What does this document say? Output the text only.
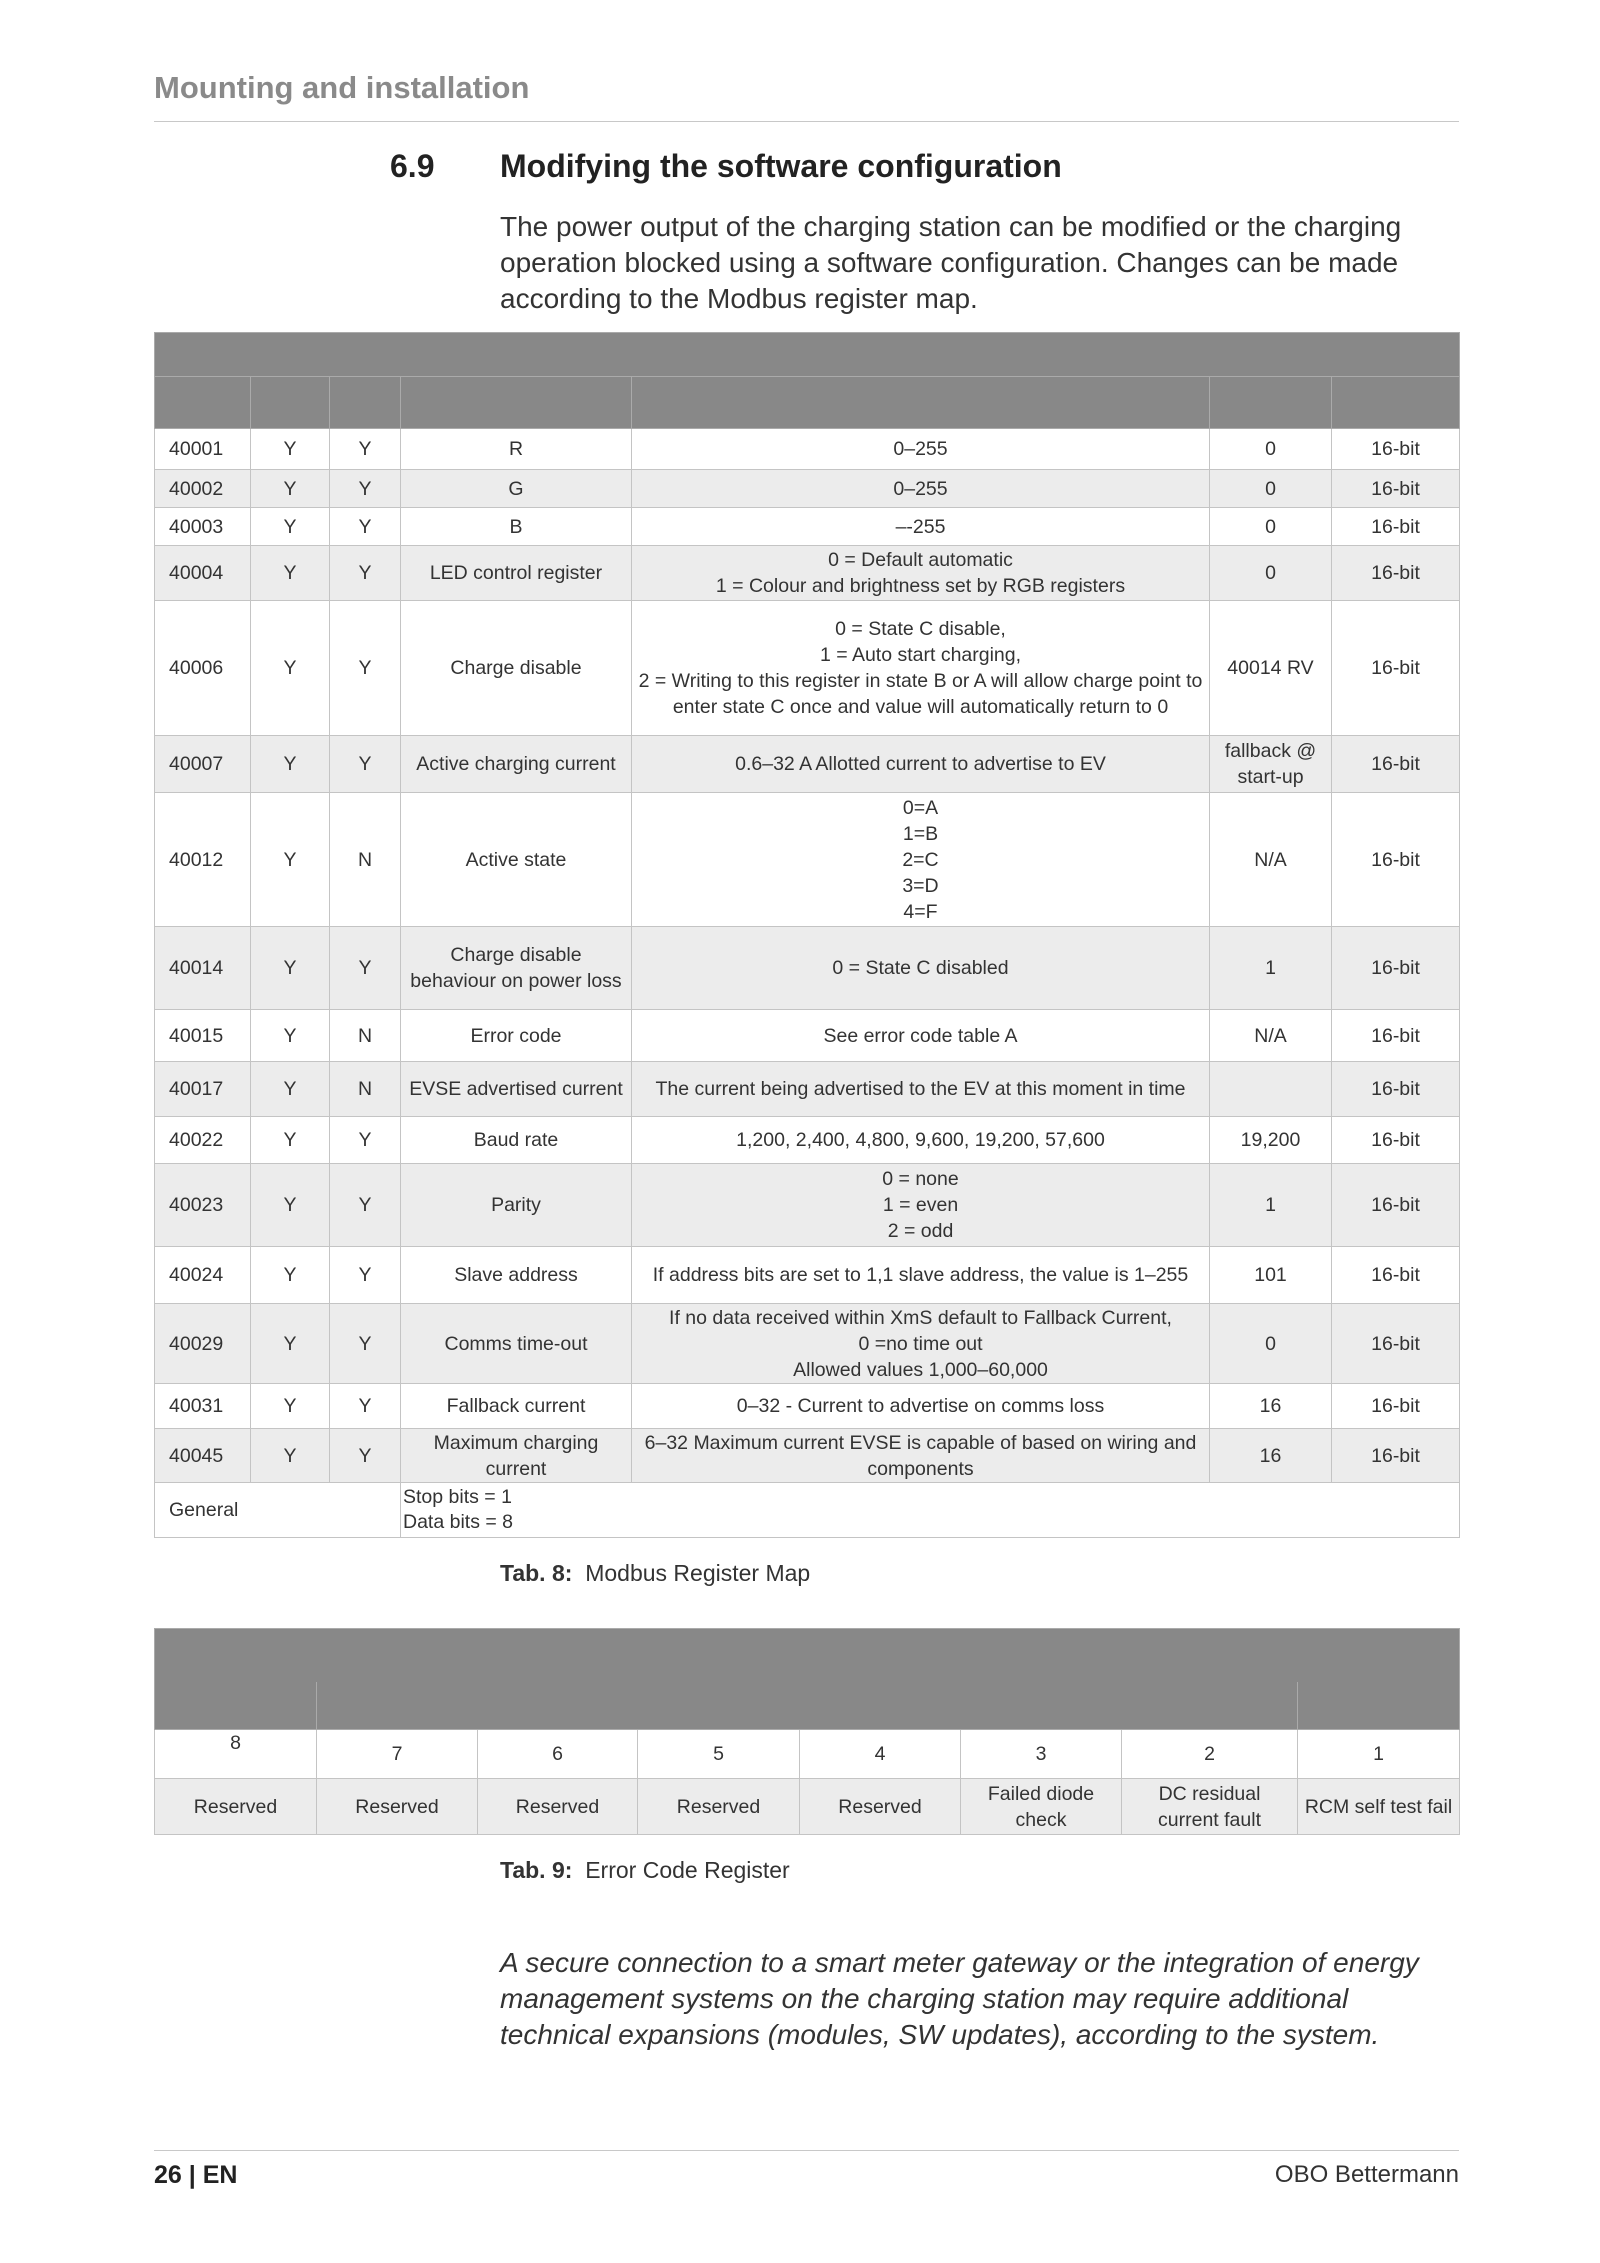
Mounting and installation
6.9 Modifying the software configuration
The power output of the charging station can be modified or the charging operation blocked using a software configuration. Changes can be made according to the Modbus register map.

40001	Y	Y	R	0–255	0	16-bit
40002	Y	Y	G	0–255	0	16-bit
40003	Y	Y	B	–-255	0	16-bit
40004	Y	Y	LED control register	0 = Default automatic
1 = Colour and brightness set by RGB registers	0	16-bit
40006	Y	Y	Charge disable	0 = State C disable,
1 = Auto start charging,
2 = Writing to this register in state B or A will allow charge point to enter state C once and value will automatically return to 0	40014 RV	16-bit
40007	Y	Y	Active charging current	0.6–32 A Allotted current to advertise to EV	fallback @
start-up	16-bit
40012	Y	N	Active state	0=A
1=B
2=C
3=D
4=F	N/A	16-bit
40014	Y	Y	Charge disable behaviour on power loss	0 = State C disabled	1	16-bit
40015	Y	N	Error code	See error code table A	N/A	16-bit
40017	Y	N	EVSE advertised current	The current being advertised to the EV at this moment in time		16-bit
40022	Y	Y	Baud rate	1,200, 2,400, 4,800, 9,600, 19,200, 57,600	19,200	16-bit
40023	Y	Y	Parity	0 = none
1 = even
2 = odd	1	16-bit
40024	Y	Y	Slave address	If address bits are set to 1,1 slave address, the value is 1–255	101	16-bit
40029	Y	Y	Comms time-out	If no data received within XmS default to Fallback Current,
0 =no time out
Allowed values 1,000–60,000	0	16-bit
40031	Y	Y	Fallback current	0–32 - Current to advertise on comms loss	16	16-bit
40045	Y	Y	Maximum charging current	6–32 Maximum current EVSE is capable of based on wiring and components	16	16-bit
General			Stop bits = 1
Data bits = 8			
Tab. 8: Modbus Register Map

8	7	6	5	4	3	2	1
Reserved	Reserved	Reserved	Reserved	Reserved	Failed diode check	DC residual current fault	RCM self test fail
Tab. 9: Error Code Register
A secure connection to a smart meter gateway or the integration of energy management systems on the charging station may require additional technical expansions (modules, SW updates), according to the system.
26 | EN	OBO Bettermann
